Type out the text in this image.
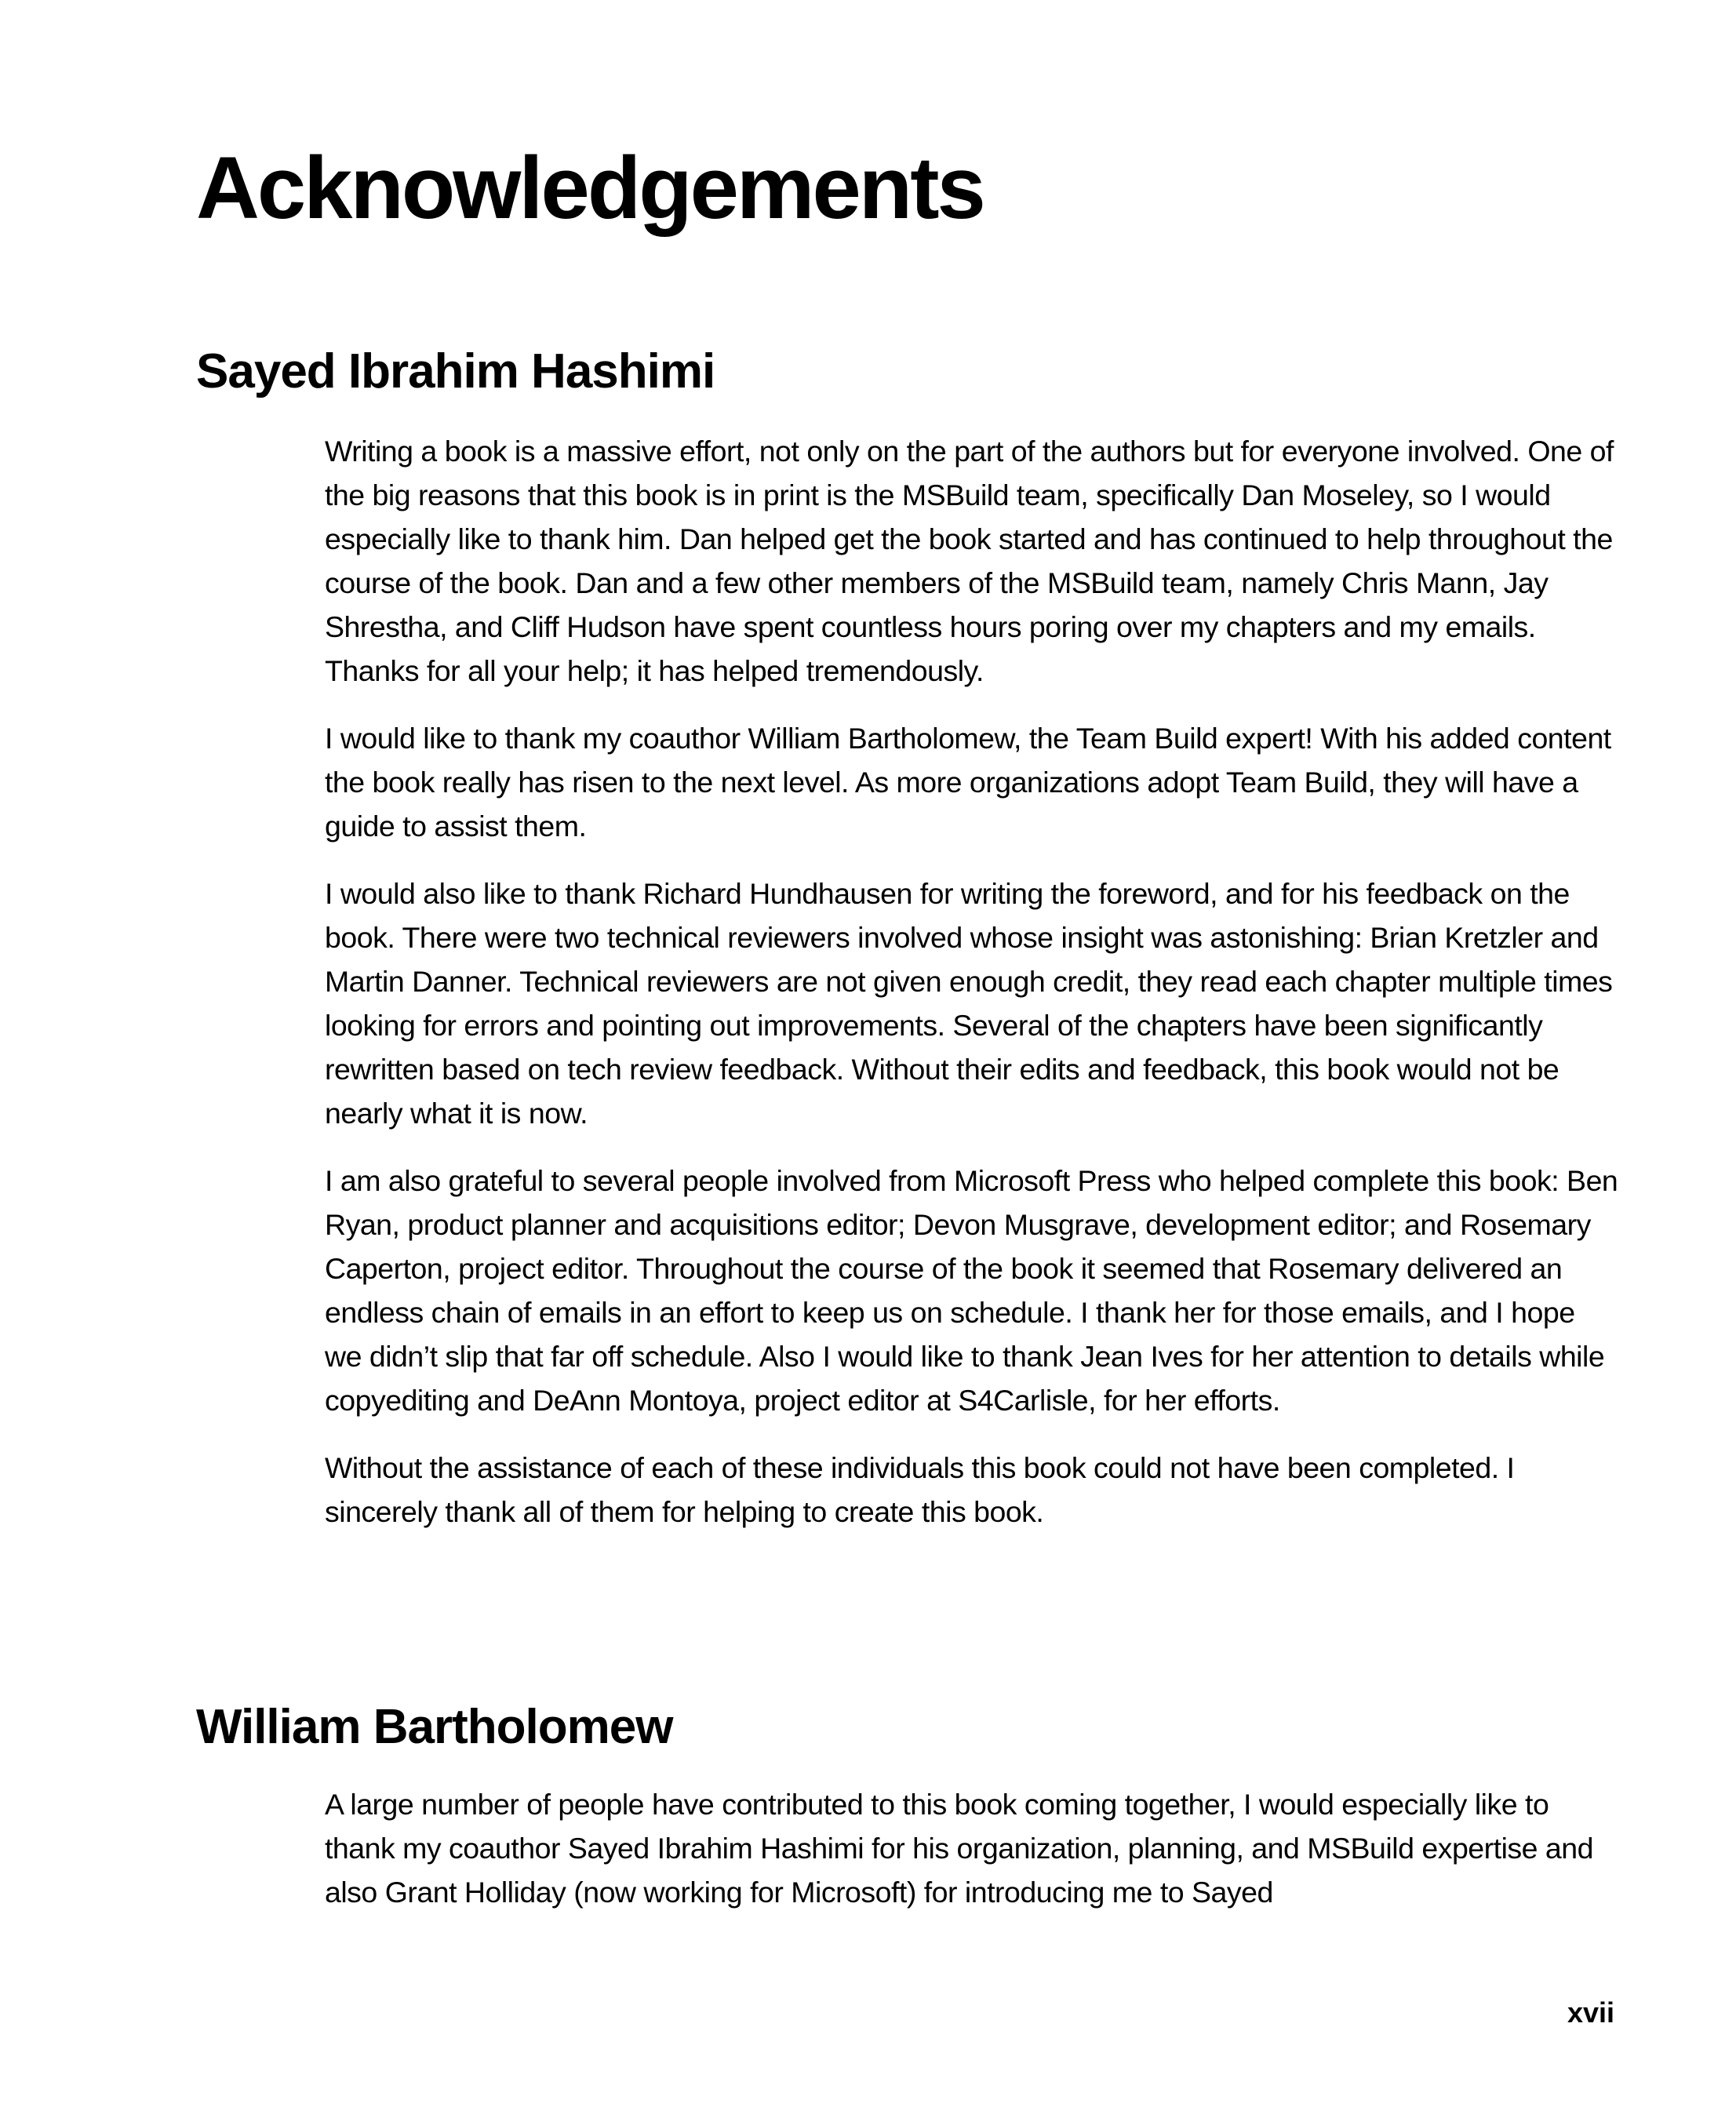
Acknowledgements
Sayed Ibrahim Hashimi

Writing a book is a massive effort, not only on the part of the authors but for everyone involved. One of the big reasons that this book is in print is the MSBuild team, specifically Dan Moseley, so I would especially like to thank him. Dan helped get the book started and has continued to help throughout the course of the book. Dan and a few other members of the MSBuild team, namely Chris Mann, Jay Shrestha, and Cliff Hudson have spent countless hours poring over my chapters and my emails. Thanks for all your help; it has helped tremendously.

I would like to thank my coauthor William Bartholomew, the Team Build expert! With his added content the book really has risen to the next level. As more organizations adopt Team Build, they will have a guide to assist them.

I would also like to thank Richard Hundhausen for writing the foreword, and for his feedback on the book. There were two technical reviewers involved whose insight was astonishing: Brian Kretzler and Martin Danner. Technical reviewers are not given enough credit, they read each chapter multiple times looking for errors and pointing out improvements. Several of the chapters have been significantly rewritten based on tech review feedback. Without their edits and feedback, this book would not be nearly what it is now.

I am also grateful to several people involved from Microsoft Press who helped complete this book: Ben Ryan, product planner and acquisitions editor; Devon Musgrave, development editor; and Rosemary Caperton, project editor. Throughout the course of the book it seemed that Rosemary delivered an endless chain of emails in an effort to keep us on schedule. I thank her for those emails, and I hope we didn’t slip that far off schedule. Also I would like to thank Jean Ives for her attention to details while copyediting and DeAnn Montoya, project editor at S4Carlisle, for her efforts.

Without the assistance of each of these individuals this book could not have been completed. I sincerely thank all of them for helping to create this book.

William Bartholomew

A large number of people have contributed to this book coming together, I would especially like to thank my coauthor Sayed Ibrahim Hashimi for his organization, planning, and MSBuild expertise and also Grant Holliday (now working for Microsoft) for introducing me to Sayed

xvii
